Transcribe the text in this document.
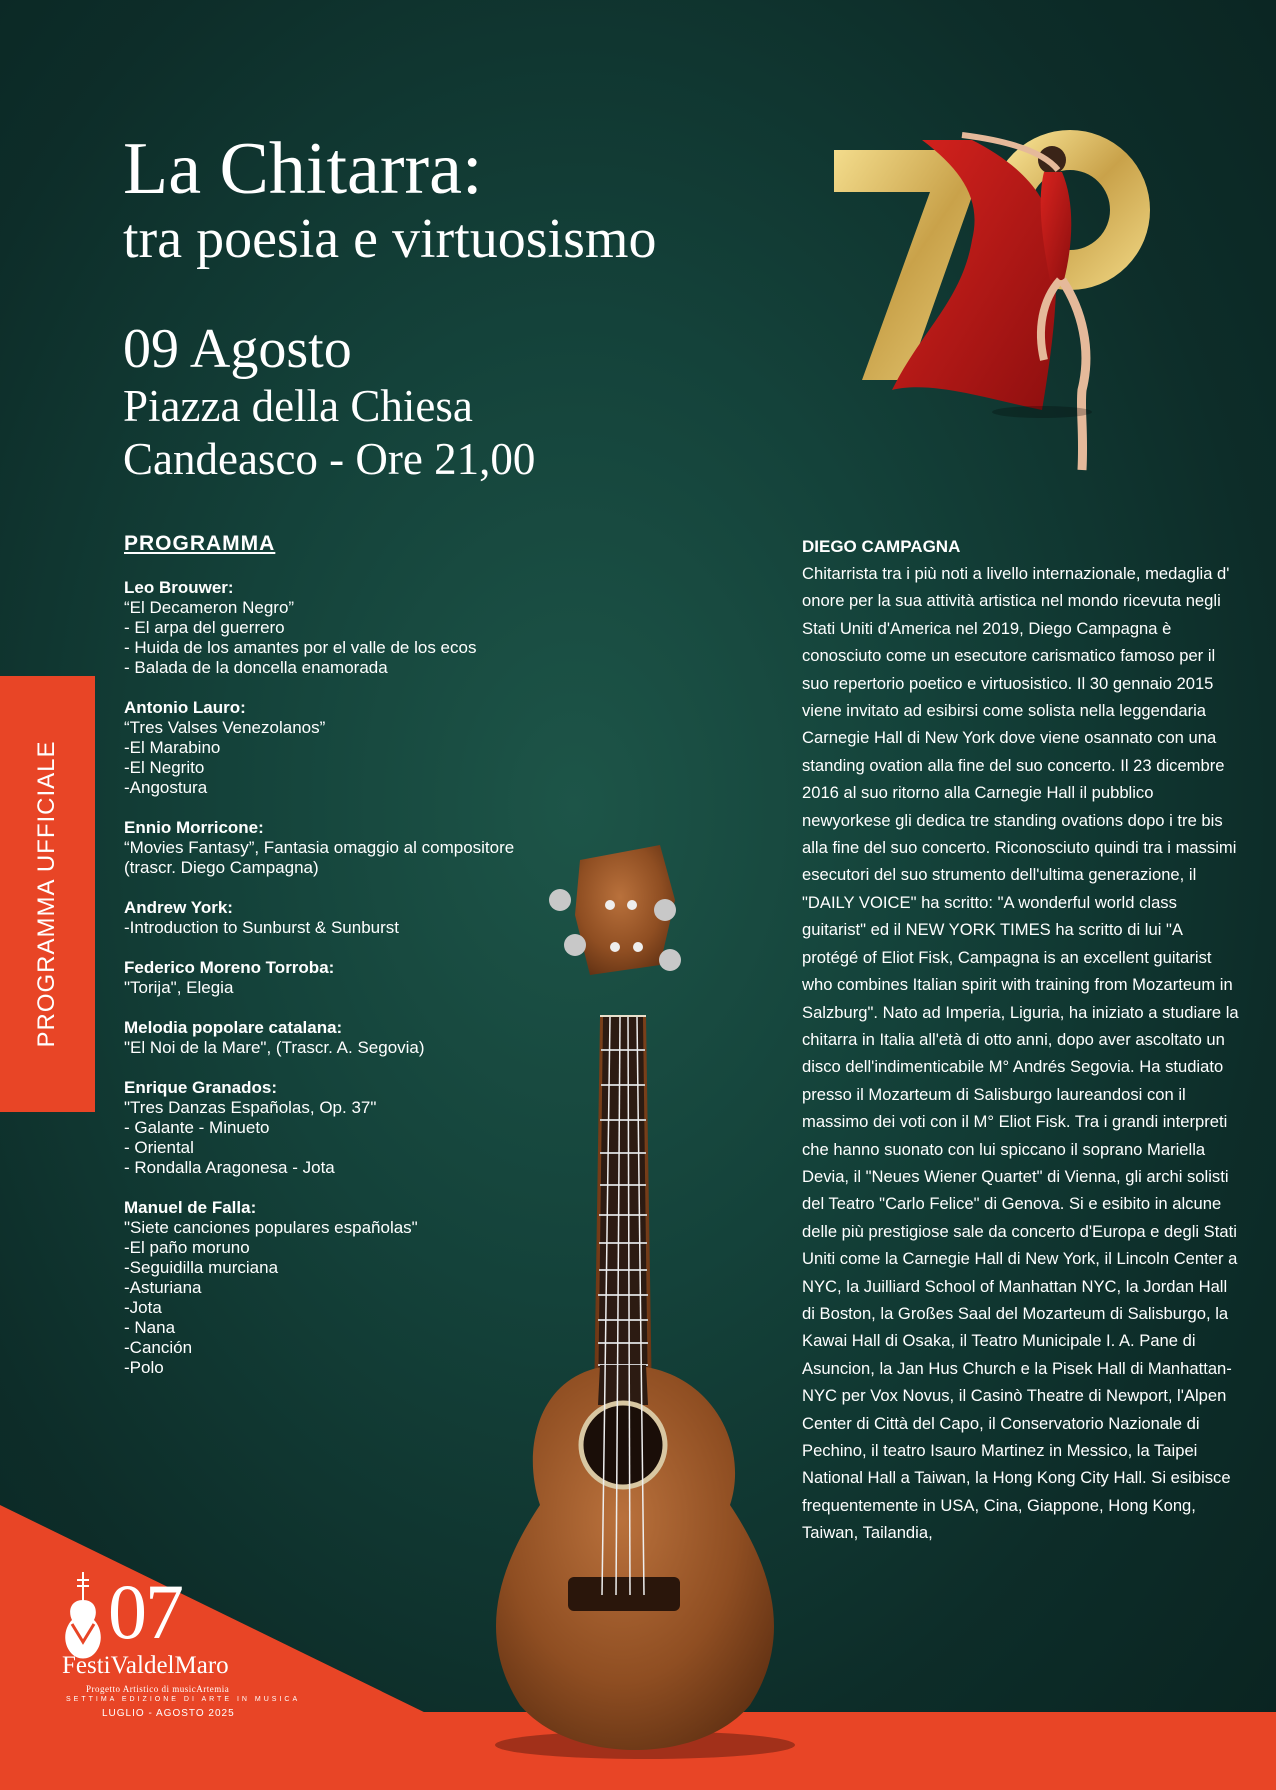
La Chitarra:
tra poesia e virtuosismo

09 Agosto

Piazza della Chiesa

Candeasco - Ore 21,00

PROGRAMMA UFFICIALE
PROGRAMMA
Leo Brouwer:
“El Decameron Negro”
- El arpa del guerrero
- Huida de los amantes por el valle de los ecos
- Balada de la doncella enamorada
Antonio Lauro:
“Tres Valses Venezolanos”
-El Marabino
-El Negrito
-Angostura
Ennio Morricone:
“Movies Fantasy”, Fantasia omaggio al compositore
(trascr. Diego Campagna)
Andrew York:
-Introduction to Sunburst & Sunburst
Federico Moreno Torroba:
"Torija", Elegia
Melodia popolare catalana:
"El Noi de la Mare", (Trascr. A. Segovia)
Enrique Granados:
"Tres Danzas Españolas, Op. 37"
- Galante - Minueto
- Oriental
- Rondalla Aragonesa - Jota
Manuel de Falla:
"Siete canciones populares españolas"
-El paño moruno
-Seguidilla murciana
-Asturiana
-Jota
- Nana
-Canción
-Polo
DIEGO CAMPAGNA
Chitarrista tra i più noti a livello internazionale, medaglia d' onore per la sua attività artistica nel mondo ricevuta negli Stati Uniti d'America nel 2019, Diego Campagna è conosciuto come un esecutore carismatico famoso per il suo repertorio poetico e virtuosistico. Il 30 gennaio 2015 viene invitato ad esibirsi come solista nella leggendaria Carnegie Hall di New York dove viene osannato con una standing ovation alla fine del suo concerto. Il 23 dicembre 2016 al suo ritorno alla Carnegie Hall il pubblico newyorkese gli dedica tre standing ovations dopo i tre bis alla fine del suo concerto. Riconosciuto quindi tra i massimi esecutori del suo strumento dell'ultima generazione, il "DAILY VOICE" ha scritto: "A wonderful world class guitarist" ed il NEW YORK TIMES ha scritto di lui "A protégé of Eliot Fisk, Campagna is an excellent guitarist who combines Italian spirit with training from Mozarteum in Salzburg". Nato ad Imperia, Liguria, ha iniziato a studiare la chitarra in Italia all'età di otto anni, dopo aver ascoltato un disco dell'indimenticabile M° Andrés Segovia. Ha studiato presso il Mozarteum di Salisburgo laureandosi con il massimo dei voti con il M° Eliot Fisk. Tra i grandi interpreti che hanno suonato con lui spiccano il soprano Mariella Devia, il "Neues Wiener Quartet" di Vienna, gli archi solisti del Teatro "Carlo Felice" di Genova. Si e esibito in alcune delle più prestigiose sale da concerto d'Europa e degli Stati Uniti come la Carnegie Hall di New York, il Lincoln Center a NYC, la Juilliard School of Manhattan NYC, la Jordan Hall di Boston, la Großes Saal del Mozarteum di Salisburgo, la Kawai Hall di Osaka, il Teatro Municipale I. A. Pane di Asuncion, la Jan Hus Church e la Pisek Hall di Manhattan-NYC per Vox Novus, il Casinò Theatre di Newport, l'Alpen Center di Città del Capo, il Conservatorio Nazionale di Pechino, il teatro Isauro Martinez in Messico, la Taipei National Hall a Taiwan, la Hong Kong City Hall. Si esibisce frequentemente in USA, Cina, Giappone, Hong Kong, Taiwan, Tailandia,
07
FestiValdelMaro
Progetto Artistico di musicArtemia
SETTIMA EDIZIONE DI ARTE IN MUSICA
LUGLIO - AGOSTO 2025
